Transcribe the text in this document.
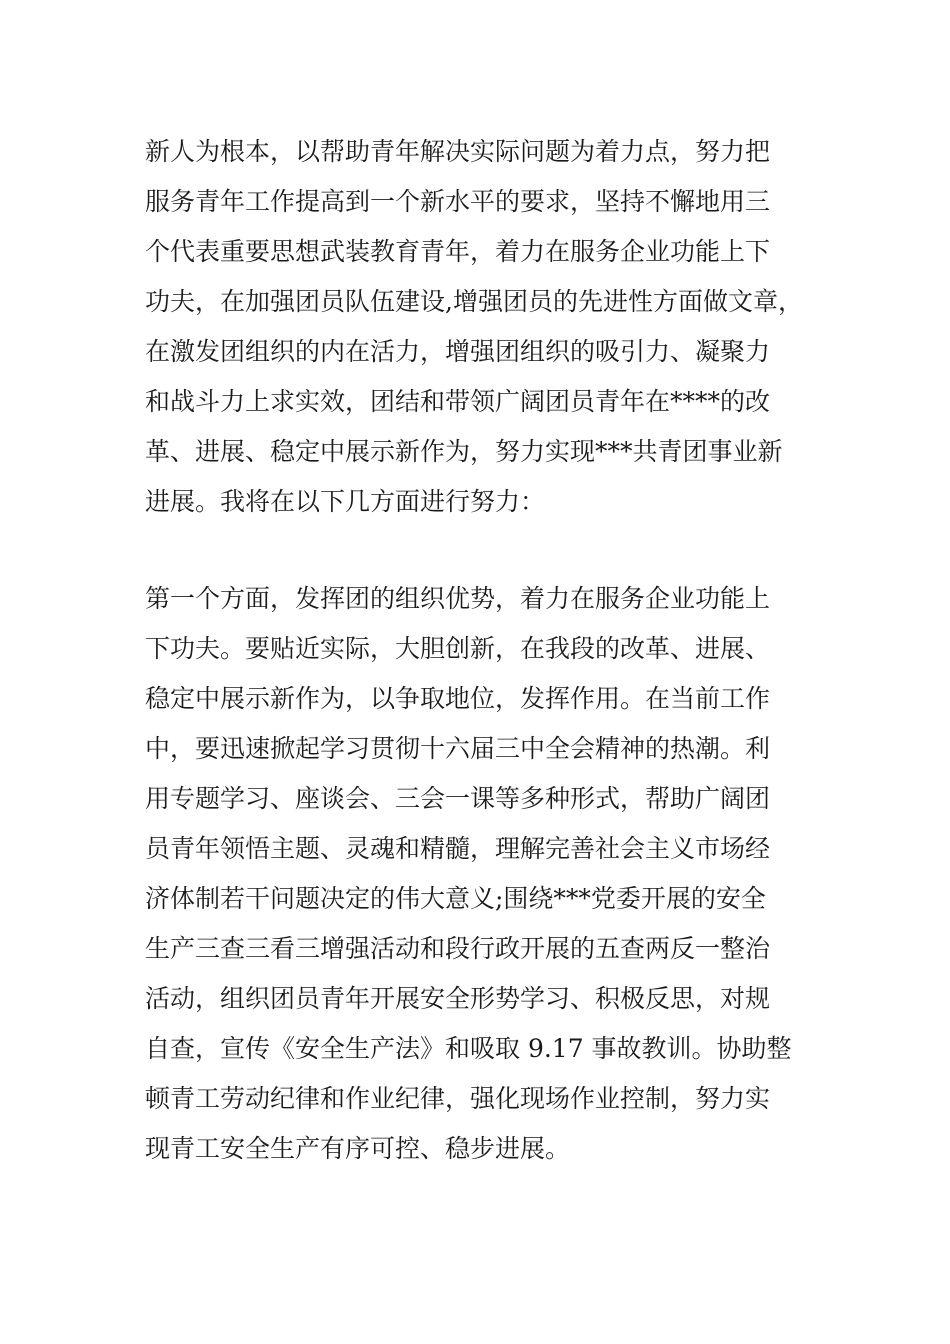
新人为根本，以帮助青年解决实际问题为着力点，努力把
服务青年工作提高到一个新水平的要求，坚持不懈地用三
个代表重要思想武装教育青年，着力在服务企业功能上下
功夫，在加强团员队伍建设,增强团员的先进性方面做文章，
在激发团组织的内在活力，增强团组织的吸引力、凝聚力
和战斗力上求实效，团结和带领广阔团员青年在****的改
革、进展、稳定中展示新作为，努力实现***共青团事业新
进展。我将在以下几方面进行努力：
第一个方面，发挥团的组织优势，着力在服务企业功能上
下功夫。要贴近实际，大胆创新，在我段的改革、进展、
稳定中展示新作为，以争取地位，发挥作用。在当前工作
中，要迅速掀起学习贯彻十六届三中全会精神的热潮。利
用专题学习、座谈会、三会一课等多种形式，帮助广阔团
员青年领悟主题、灵魂和精髓，理解完善社会主义市场经
济体制若干问题决定的伟大意义;围绕***党委开展的安全
生产三查三看三增强活动和段行政开展的五查两反一整治
活动，组织团员青年开展安全形势学习、积极反思，对规
自查，宣传《安全生产法》和吸取 9.17 事故教训。协助整
顿青工劳动纪律和作业纪律，强化现场作业控制，努力实
现青工安全生产有序可控、稳步进展。
